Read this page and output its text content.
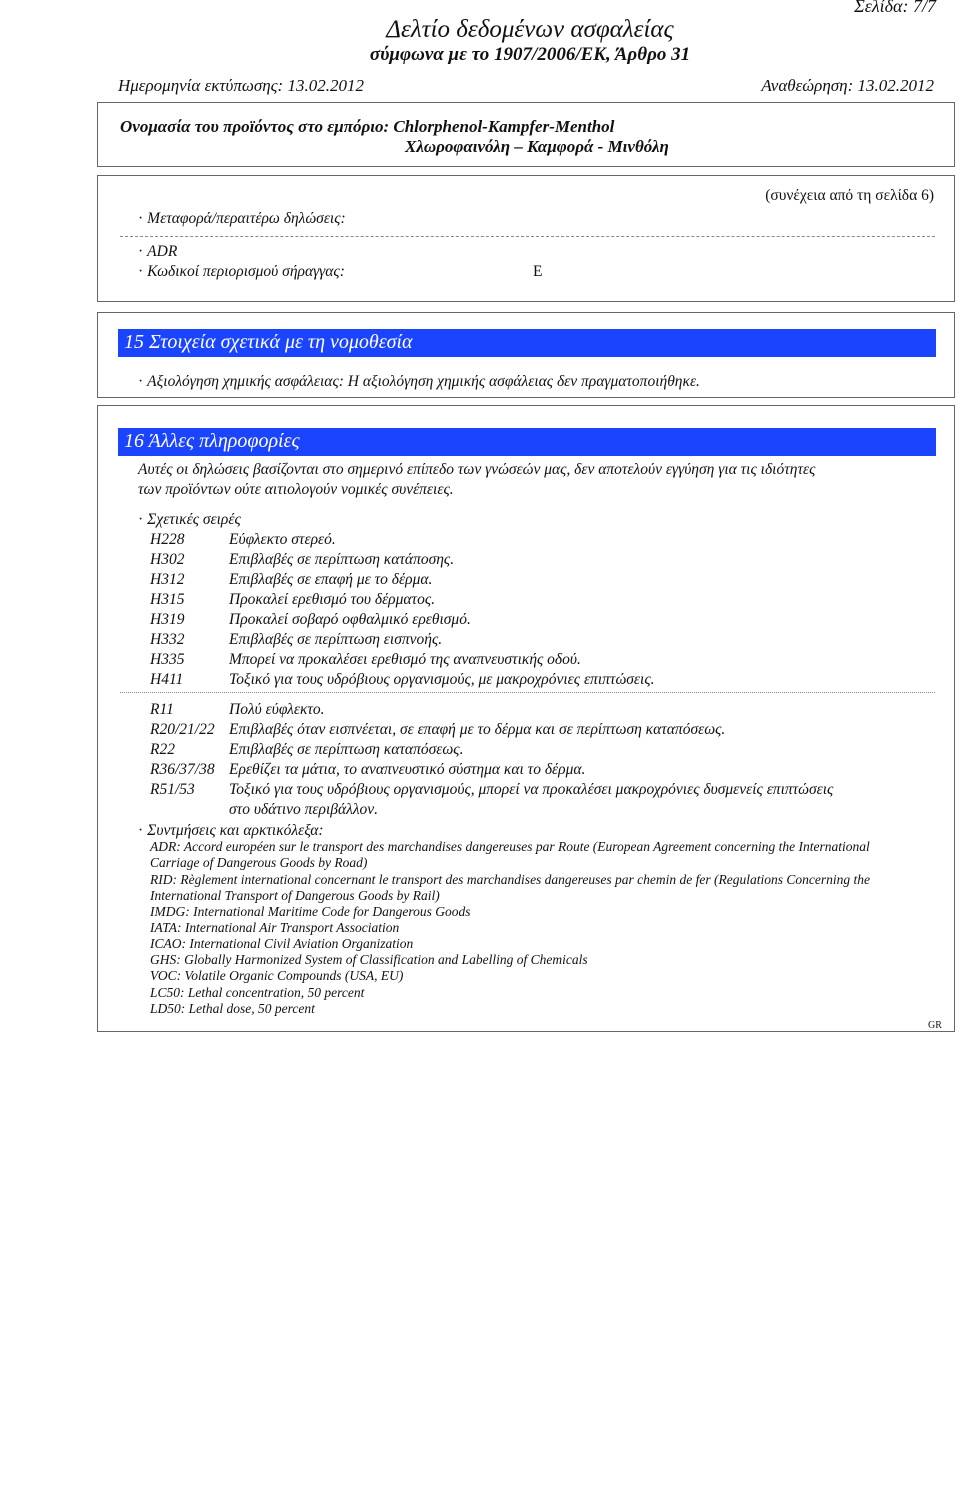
Δελτίο δεδομένων ασφαλείας
σύμφωνα με το 1907/2006/ΕΚ, Άρθρο 31
Σελίδα: 7/7
Ημερομηνία εκτύπωσης: 13.02.2012	Αναθεώρηση: 13.02.2012
Ονομασία του προϊόντος στο εμπόριο: Chlorphenol-Kampfer-Menthol
Χλωροφαινόλη – Καμφορά - Μινθόλη
(συνέχεια από τη σελίδα 6)
· Μεταφορά/περαιτέρω δηλώσεις:
· ADR
· Κωδικοί περιορισμού σήραγγας:	E
15 Στοιχεία σχετικά με τη νομοθεσία
· Αξιολόγηση χημικής ασφάλειας: Η αξιολόγηση χημικής ασφάλειας δεν πραγματοποιήθηκε.
16 Άλλες πληροφορίες
Αυτές οι δηλώσεις βασίζονται στο σημερινό επίπεδο των γνώσεών μας, δεν αποτελούν εγγύηση για τις ιδιότητες
των προϊόντων ούτε αιτιολογούν νομικές συνέπειες.
· Σχετικές σειρές
H228	Εύφλεκτο στερεό.
H302	Επιβλαβές σε περίπτωση κατάποσης.
H312	Επιβλαβές σε επαφή με το δέρμα.
H315	Προκαλεί ερεθισμό του δέρματος.
H319	Προκαλεί σοβαρό οφθαλμικό ερεθισμό.
H332	Επιβλαβές σε περίπτωση εισπνοής.
H335	Μπορεί να προκαλέσει ερεθισμό της αναπνευστικής οδού.
H411	Τοξικό για τους υδρόβιους οργανισμούς, με μακροχρόνιες επιπτώσεις.
R11	Πολύ εύφλεκτο.
R20/21/22 Επιβλαβές όταν εισπνέεται, σε επαφή με το δέρμα και σε περίπτωση καταπόσεως.
R22	Επιβλαβές σε περίπτωση καταπόσεως.
R36/37/38 Ερεθίζει τα μάτια, το αναπνευστικό σύστημα και το δέρμα.
R51/53 Τοξικό για τους υδρόβιους οργανισμούς, μπορεί να προκαλέσει μακροχρόνιες δυσμενείς επιπτώσεις
στο υδάτινο περιβάλλον.
· Συντμήσεις και αρκτικόλεξα:
ADR: Accord européen sur le transport des marchandises dangereuses par Route (European Agreement concerning the International
Carriage of Dangerous Goods by Road)
RID: Règlement international concernant le transport des marchandises dangereuses par chemin de fer (Regulations Concerning the
International Transport of Dangerous Goods by Rail)
IMDG: International Maritime Code for Dangerous Goods
IATA: International Air Transport Association
ICAO: International Civil Aviation Organization
GHS: Globally Harmonized System of Classification and Labelling of Chemicals
VOC: Volatile Organic Compounds (USA, EU)
LC50: Lethal concentration, 50 percent
LD50: Lethal dose, 50 percent
GR
